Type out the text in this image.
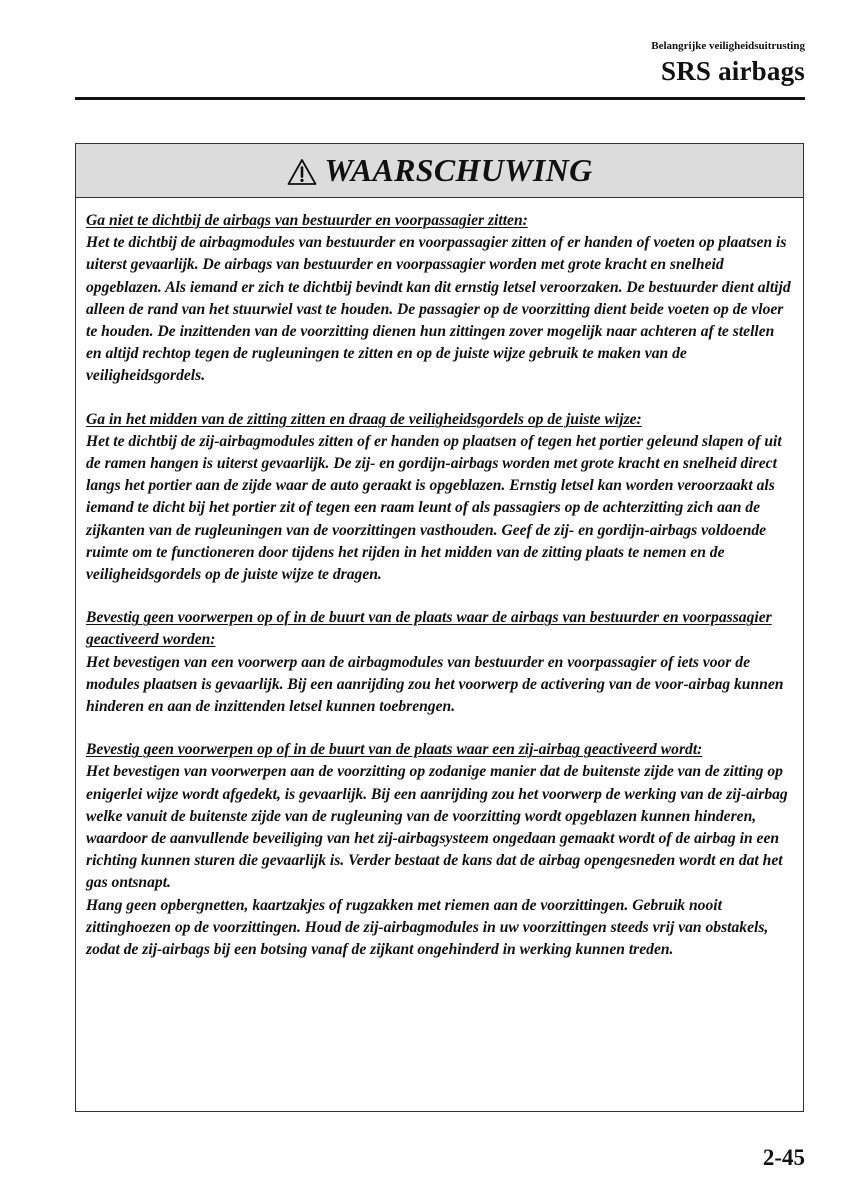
Belangrijke veiligheidsuitrusting
SRS airbags
WAARSCHUWING

Ga niet te dichtbij de airbags van bestuurder en voorpassagier zitten:
Het te dichtbij de airbagmodules van bestuurder en voorpassagier zitten of er handen of voeten op plaatsen is uiterst gevaarlijk. De airbags van bestuurder en voorpassagier worden met grote kracht en snelheid opgeblazen. Als iemand er zich te dichtbij bevindt kan dit ernstig letsel veroorzaken. De bestuurder dient altijd alleen de rand van het stuurwiel vast te houden. De passagier op de voorzitting dient beide voeten op de vloer te houden. De inzittenden van de voorzitting dienen hun zittingen zover mogelijk naar achteren af te stellen en altijd rechtop tegen de rugleuningen te zitten en op de juiste wijze gebruik te maken van de veiligheidsgordels.

Ga in het midden van de zitting zitten en draag de veiligheidsgordels op de juiste wijze:
Het te dichtbij de zij-airbagmodules zitten of er handen op plaatsen of tegen het portier geleund slapen of uit de ramen hangen is uiterst gevaarlijk. De zij- en gordijn-airbags worden met grote kracht en snelheid direct langs het portier aan de zijde waar de auto geraakt is opgeblazen. Ernstig letsel kan worden veroorzaakt als iemand te dicht bij het portier zit of tegen een raam leunt of als passagiers op de achterzitting zich aan de zijkanten van de rugleuningen van de voorzittingen vasthouden. Geef de zij- en gordijn-airbags voldoende ruimte om te functioneren door tijdens het rijden in het midden van de zitting plaats te nemen en de veiligheidsgordels op de juiste wijze te dragen.

Bevestig geen voorwerpen op of in de buurt van de plaats waar de airbags van bestuurder en voorpassagier geactiveerd worden:
Het bevestigen van een voorwerp aan de airbagmodules van bestuurder en voorpassagier of iets voor de modules plaatsen is gevaarlijk. Bij een aanrijding zou het voorwerp de activering van de voor-airbag kunnen hinderen en aan de inzittenden letsel kunnen toebrengen.

Bevestig geen voorwerpen op of in de buurt van de plaats waar een zij-airbag geactiveerd wordt:
Het bevestigen van voorwerpen aan de voorzitting op zodanige manier dat de buitenste zijde van de zitting op enigerlei wijze wordt afgedekt, is gevaarlijk. Bij een aanrijding zou het voorwerp de werking van de zij-airbag welke vanuit de buitenste zijde van de rugleuning van de voorzitting wordt opgeblazen kunnen hinderen, waardoor de aanvullende beveiliging van het zij-airbagsysteem ongedaan gemaakt wordt of de airbag in een richting kunnen sturen die gevaarlijk is. Verder bestaat de kans dat de airbag opengesneden wordt en dat het gas ontsnapt.
Hang geen opbergnetten, kaartzakjes of rugzakken met riemen aan de voorzittingen. Gebruik nooit zittinghoezen op de voorzittingen. Houd de zij-airbagmodules in uw voorzittingen steeds vrij van obstakels, zodat de zij-airbags bij een botsing vanaf de zijkant ongehinderd in werking kunnen treden.

2-45
